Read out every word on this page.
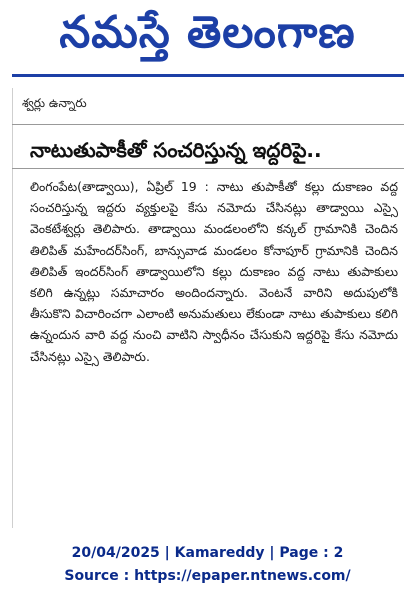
నమస్తే తెలంగాణ
శ్వర్లు ఉన్నారు
నాటుతుపాకీతో సంచరిస్తున్న ఇద్దరిపై..

లింగంపేట(తాడ్వాయి), ఏప్రిల్ 19 : నాటు తుపాకీతో కల్లు దుకాణం వద్ద సంచరిస్తున్న ఇద్దరు వ్యక్తులపై కేసు నమోదు చేసినట్లు తాడ్వాయి ఎస్సై వెంకటేశ్వర్లు తెలిపారు. తాడ్వాయి మండలంలోని కన్కల్ గ్రామానికి చెందిన తిలిపిత్ మహేందర్‌సింగ్, బాన్సువాడ మండలం కోనాపూర్ గ్రామానికి చెందిన తిలిపిత్ ఇందర్‌సింగ్ తాడ్వాయిలోని కల్లు దుకాణం వద్ద నాటు తుపాకులు కలిగి ఉన్నట్లు సమాచారం అందిందన్నారు. వెంటనే వారిని అదుపులోకి తీసుకొని విచారించగా ఎలాంటి అనుమతులు లేకుండా నాటు తుపాకులు కలిగి ఉన్నందున వారి వద్ద నుంచి వాటిని స్వాధీనం చేసుకుని ఇద్దరిపై కేసు నమోదు చేసినట్లు ఎస్సై తెలిపారు.

20/04/2025 | Kamareddy | Page : 2
Source : https://epaper.ntnews.com/
